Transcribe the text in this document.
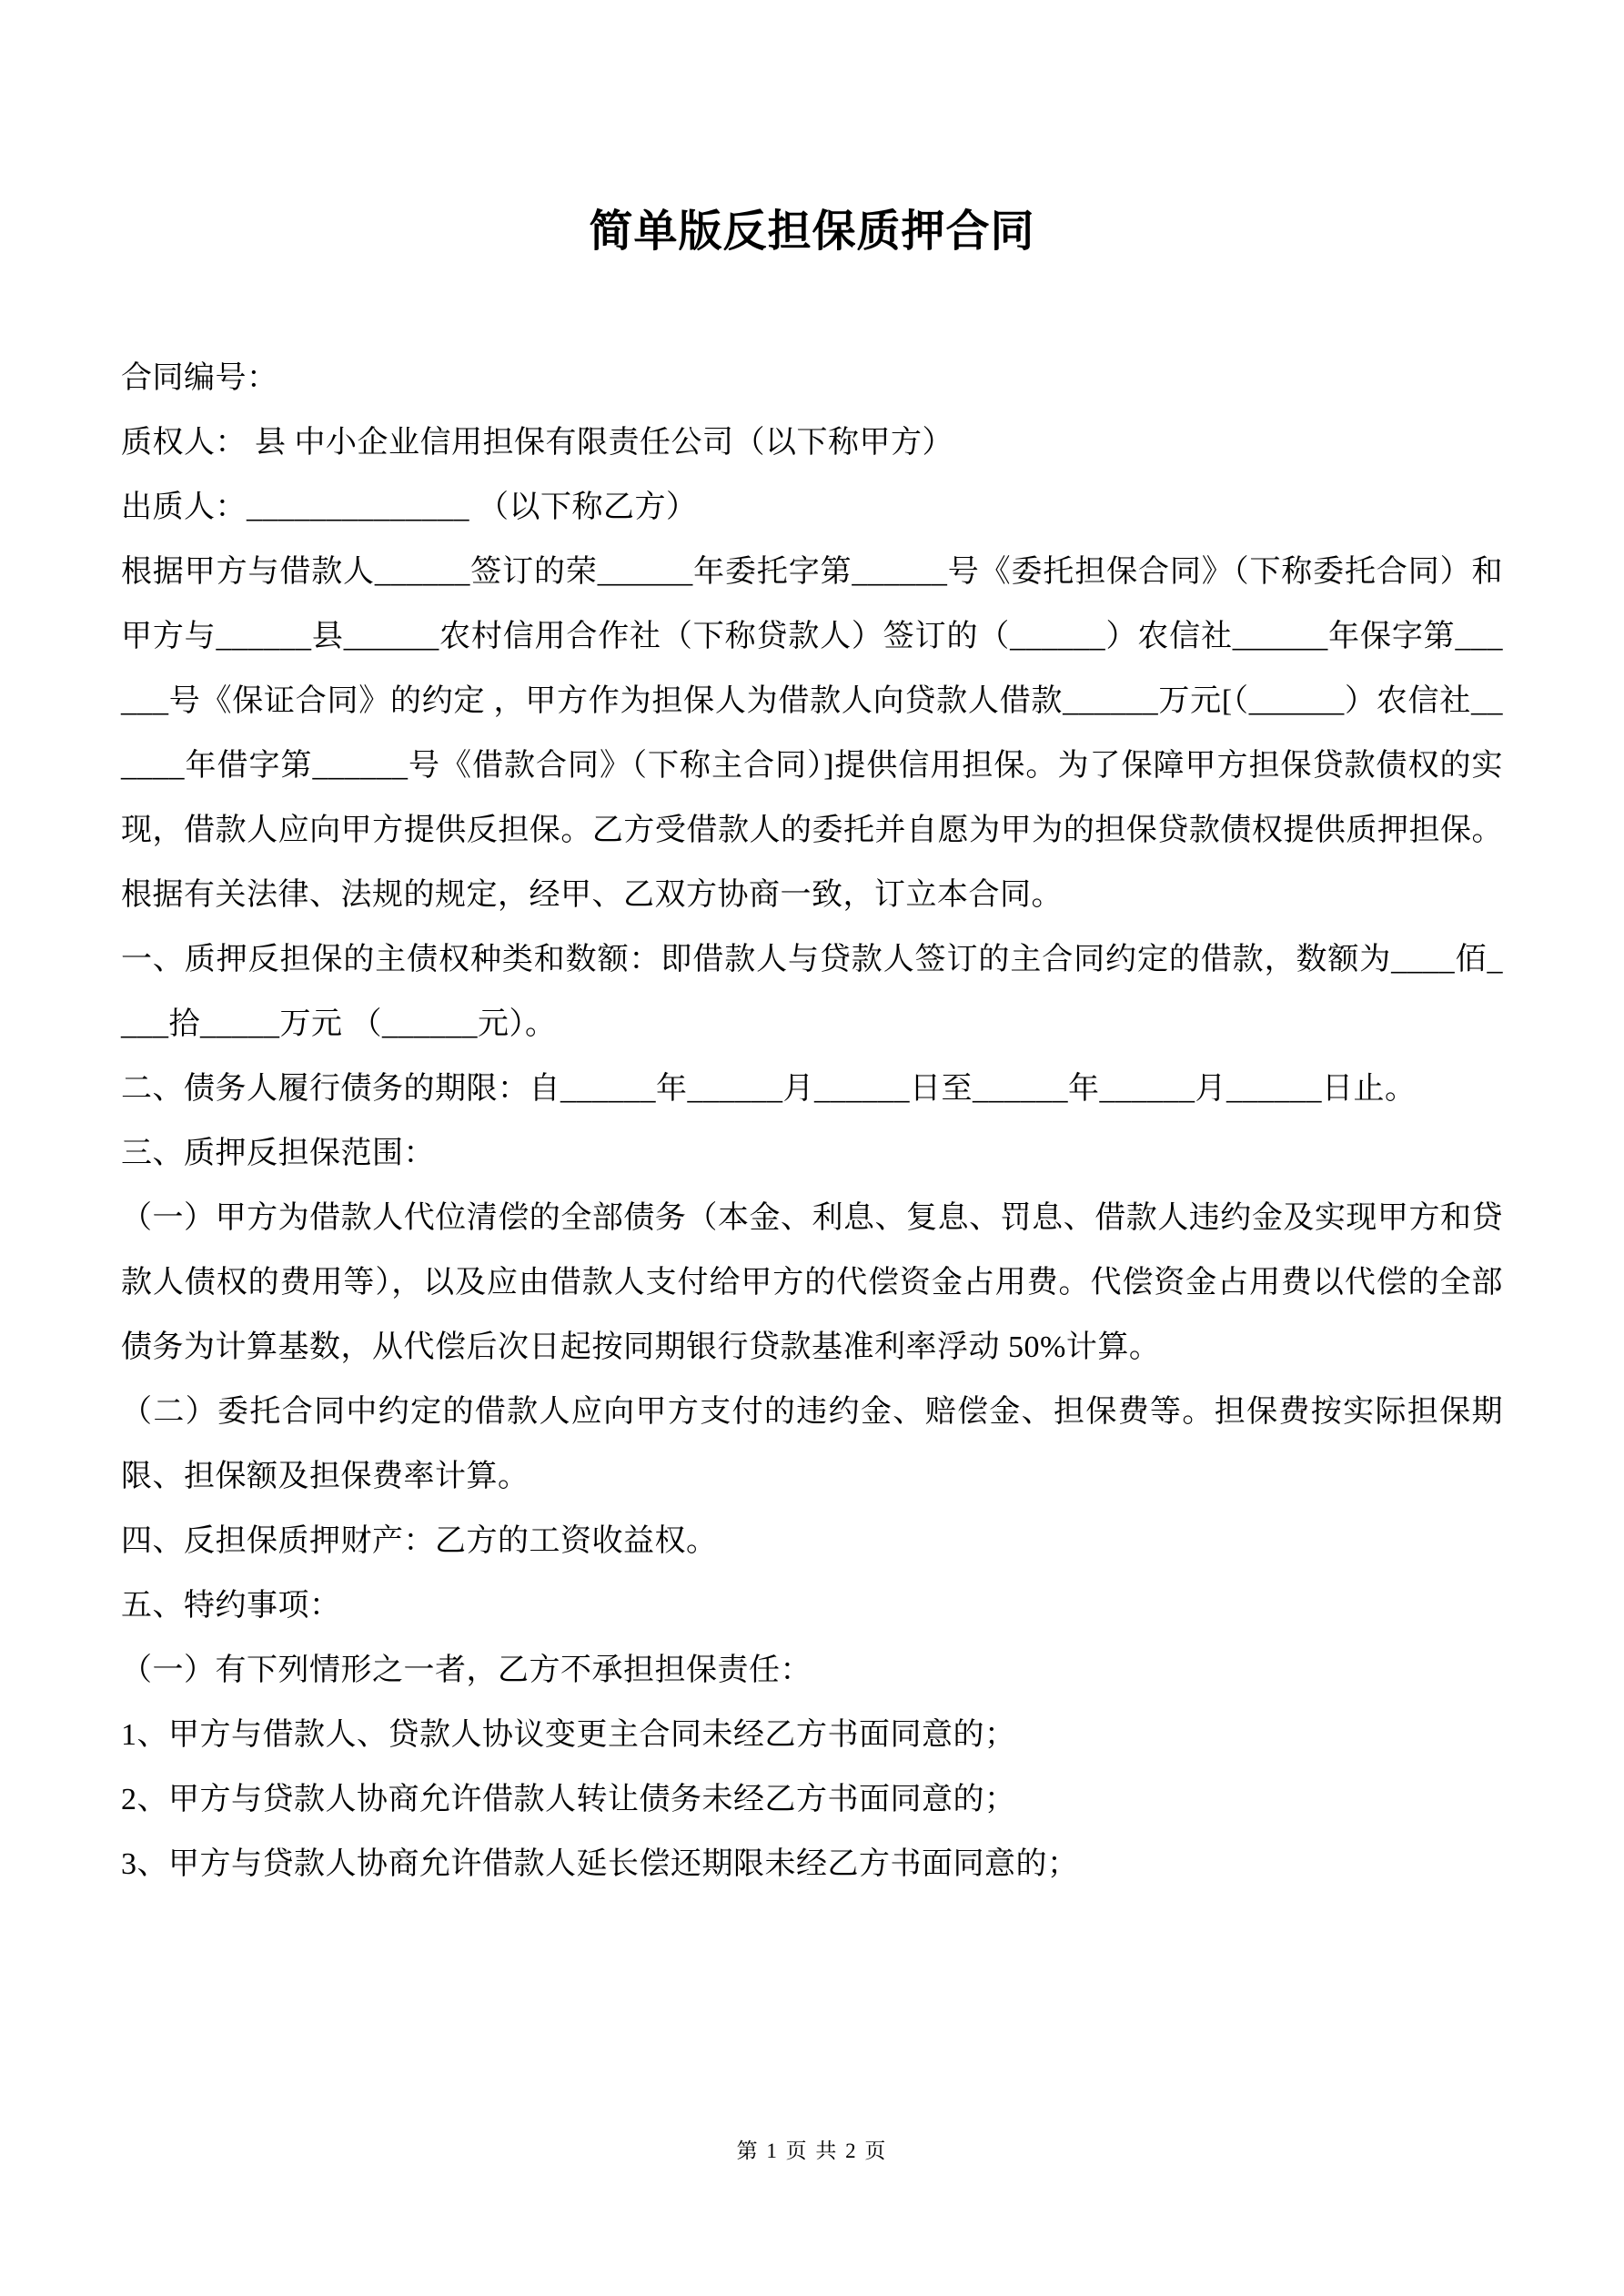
简单版反担保质押合同

合同编号：

质权人： 县 中小企业信用担保有限责任公司（以下称甲方）

出质人：______________ （以下称乙方）

根据甲方与借款人______签订的荣______年委托字第______号《委托担保合同》（下称委托合同）和甲方与______县______农村信用合作社（下称贷款人）签订的（______）农信社______年保字第______号《保证合同》的约定 ，甲方作为担保人为借款人向贷款人借款______万元[（______）农信社______年借字第______号《借款合同》（下称主合同）]提供信用担保。为了保障甲方担保贷款债权的实现，借款人应向甲方提供反担保。乙方受借款人的委托并自愿为甲为的担保贷款债权提供质押担保。根据有关法律、法规的规定，经甲、乙双方协商一致，订立本合同。

一、质押反担保的主债权种类和数额：即借款人与贷款人签订的主合同约定的借款，数额为____佰____拾_____万元 （______元）。

二、债务人履行债务的期限：自______年______月______日至______年______月______日止。

三、质押反担保范围：

（一）甲方为借款人代位清偿的全部债务（本金、利息、复息、罚息、借款人违约金及实现甲方和贷款人债权的费用等），以及应由借款人支付给甲方的代偿资金占用费。代偿资金占用费以代偿的全部债务为计算基数，从代偿后次日起按同期银行贷款基准利率浮动 50%计算。

（二）委托合同中约定的借款人应向甲方支付的违约金、赔偿金、担保费等。担保费按实际担保期限、担保额及担保费率计算。

四、反担保质押财产：乙方的工资收益权。

五、特约事项：

（一）有下列情形之一者，乙方不承担担保责任：

1、甲方与借款人、贷款人协议变更主合同未经乙方书面同意的；

2、甲方与贷款人协商允许借款人转让债务未经乙方书面同意的；

3、甲方与贷款人协商允许借款人延长偿还期限未经乙方书面同意的；

第 1 页 共 2 页
